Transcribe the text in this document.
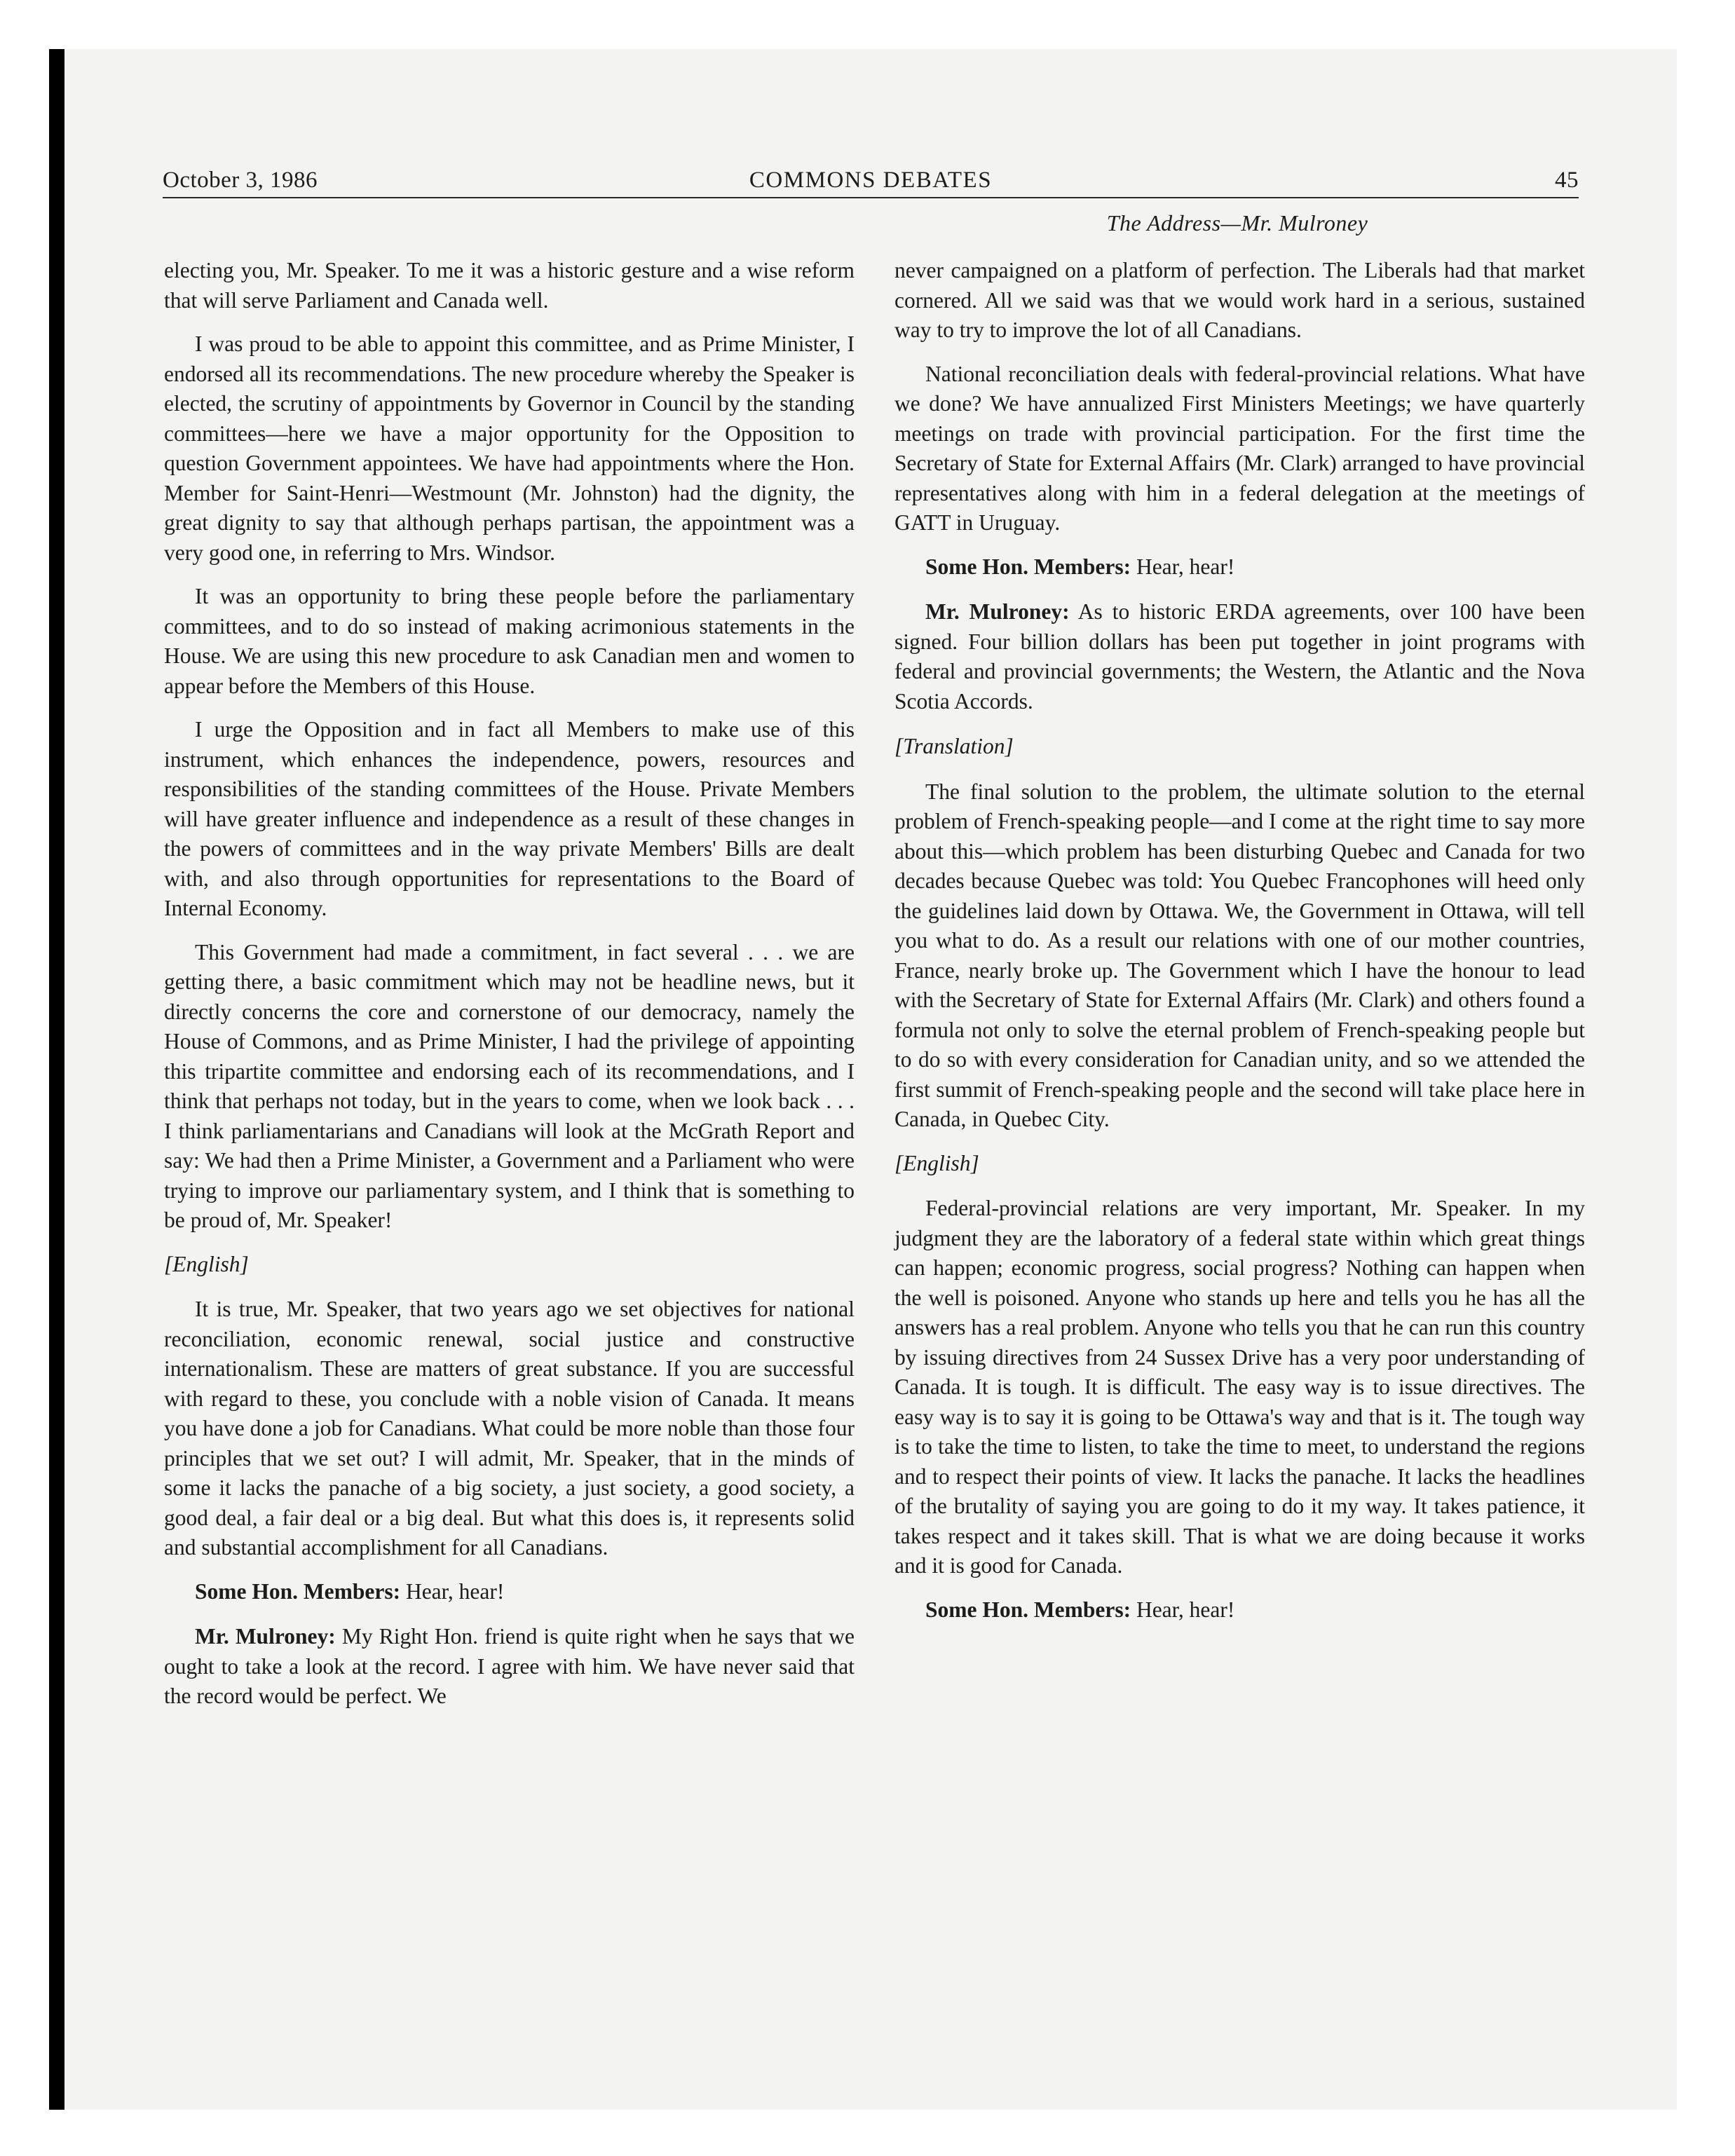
October 3, 1986	COMMONS DEBATES	45
The Address—Mr. Mulroney

electing you, Mr. Speaker. To me it was a historic gesture and a wise reform that will serve Parliament and Canada well.

I was proud to be able to appoint this committee, and as Prime Minister, I endorsed all its recommendations. The new procedure whereby the Speaker is elected, the scrutiny of appointments by Governor in Council by the standing committees—here we have a major opportunity for the Opposition to question Government appointees. We have had appointments where the Hon. Member for Saint-Henri—Westmount (Mr. Johnston) had the dignity, the great dignity to say that although perhaps partisan, the appointment was a very good one, in referring to Mrs. Windsor.

It was an opportunity to bring these people before the parliamentary committees, and to do so instead of making acrimonious statements in the House. We are using this new procedure to ask Canadian men and women to appear before the Members of this House.

I urge the Opposition and in fact all Members to make use of this instrument, which enhances the independence, powers, resources and responsibilities of the standing committees of the House. Private Members will have greater influence and independence as a result of these changes in the powers of committees and in the way private Members' Bills are dealt with, and also through opportunities for representations to the Board of Internal Economy.

This Government had made a commitment, in fact several . . . we are getting there, a basic commitment which may not be headline news, but it directly concerns the core and cornerstone of our democracy, namely the House of Commons, and as Prime Minister, I had the privilege of appointing this tripartite committee and endorsing each of its recommendations, and I think that perhaps not today, but in the years to come, when we look back . . . I think parliamentarians and Canadians will look at the McGrath Report and say: We had then a Prime Minister, a Government and a Parliament who were trying to improve our parliamentary system, and I think that is something to be proud of, Mr. Speaker!

[English]

It is true, Mr. Speaker, that two years ago we set objectives for national reconciliation, economic renewal, social justice and constructive internationalism. These are matters of great substance. If you are successful with regard to these, you conclude with a noble vision of Canada. It means you have done a job for Canadians. What could be more noble than those four principles that we set out? I will admit, Mr. Speaker, that in the minds of some it lacks the panache of a big society, a just society, a good society, a good deal, a fair deal or a big deal. But what this does is, it represents solid and substantial accomplishment for all Canadians.

Some Hon. Members: Hear, hear!

Mr. Mulroney: My Right Hon. friend is quite right when he says that we ought to take a look at the record. I agree with him. We have never said that the record would be perfect. We

never campaigned on a platform of perfection. The Liberals had that market cornered. All we said was that we would work hard in a serious, sustained way to try to improve the lot of all Canadians.

National reconciliation deals with federal-provincial relations. What have we done? We have annualized First Ministers Meetings; we have quarterly meetings on trade with provincial participation. For the first time the Secretary of State for External Affairs (Mr. Clark) arranged to have provincial representatives along with him in a federal delegation at the meetings of GATT in Uruguay.

Some Hon. Members: Hear, hear!

Mr. Mulroney: As to historic ERDA agreements, over 100 have been signed. Four billion dollars has been put together in joint programs with federal and provincial governments; the Western, the Atlantic and the Nova Scotia Accords.

[Translation]

The final solution to the problem, the ultimate solution to the eternal problem of French-speaking people—and I come at the right time to say more about this—which problem has been disturbing Quebec and Canada for two decades because Quebec was told: You Quebec Francophones will heed only the guidelines laid down by Ottawa. We, the Government in Ottawa, will tell you what to do. As a result our relations with one of our mother countries, France, nearly broke up. The Government which I have the honour to lead with the Secretary of State for External Affairs (Mr. Clark) and others found a formula not only to solve the eternal problem of French-speaking people but to do so with every consideration for Canadian unity, and so we attended the first summit of French-speaking people and the second will take place here in Canada, in Quebec City.

[English]

Federal-provincial relations are very important, Mr. Speaker. In my judgment they are the laboratory of a federal state within which great things can happen; economic progress, social progress? Nothing can happen when the well is poisoned. Anyone who stands up here and tells you he has all the answers has a real problem. Anyone who tells you that he can run this country by issuing directives from 24 Sussex Drive has a very poor understanding of Canada. It is tough. It is difficult. The easy way is to issue directives. The easy way is to say it is going to be Ottawa's way and that is it. The tough way is to take the time to listen, to take the time to meet, to understand the regions and to respect their points of view. It lacks the panache. It lacks the headlines of the brutality of saying you are going to do it my way. It takes patience, it takes respect and it takes skill. That is what we are doing because it works and it is good for Canada.

Some Hon. Members: Hear, hear!
